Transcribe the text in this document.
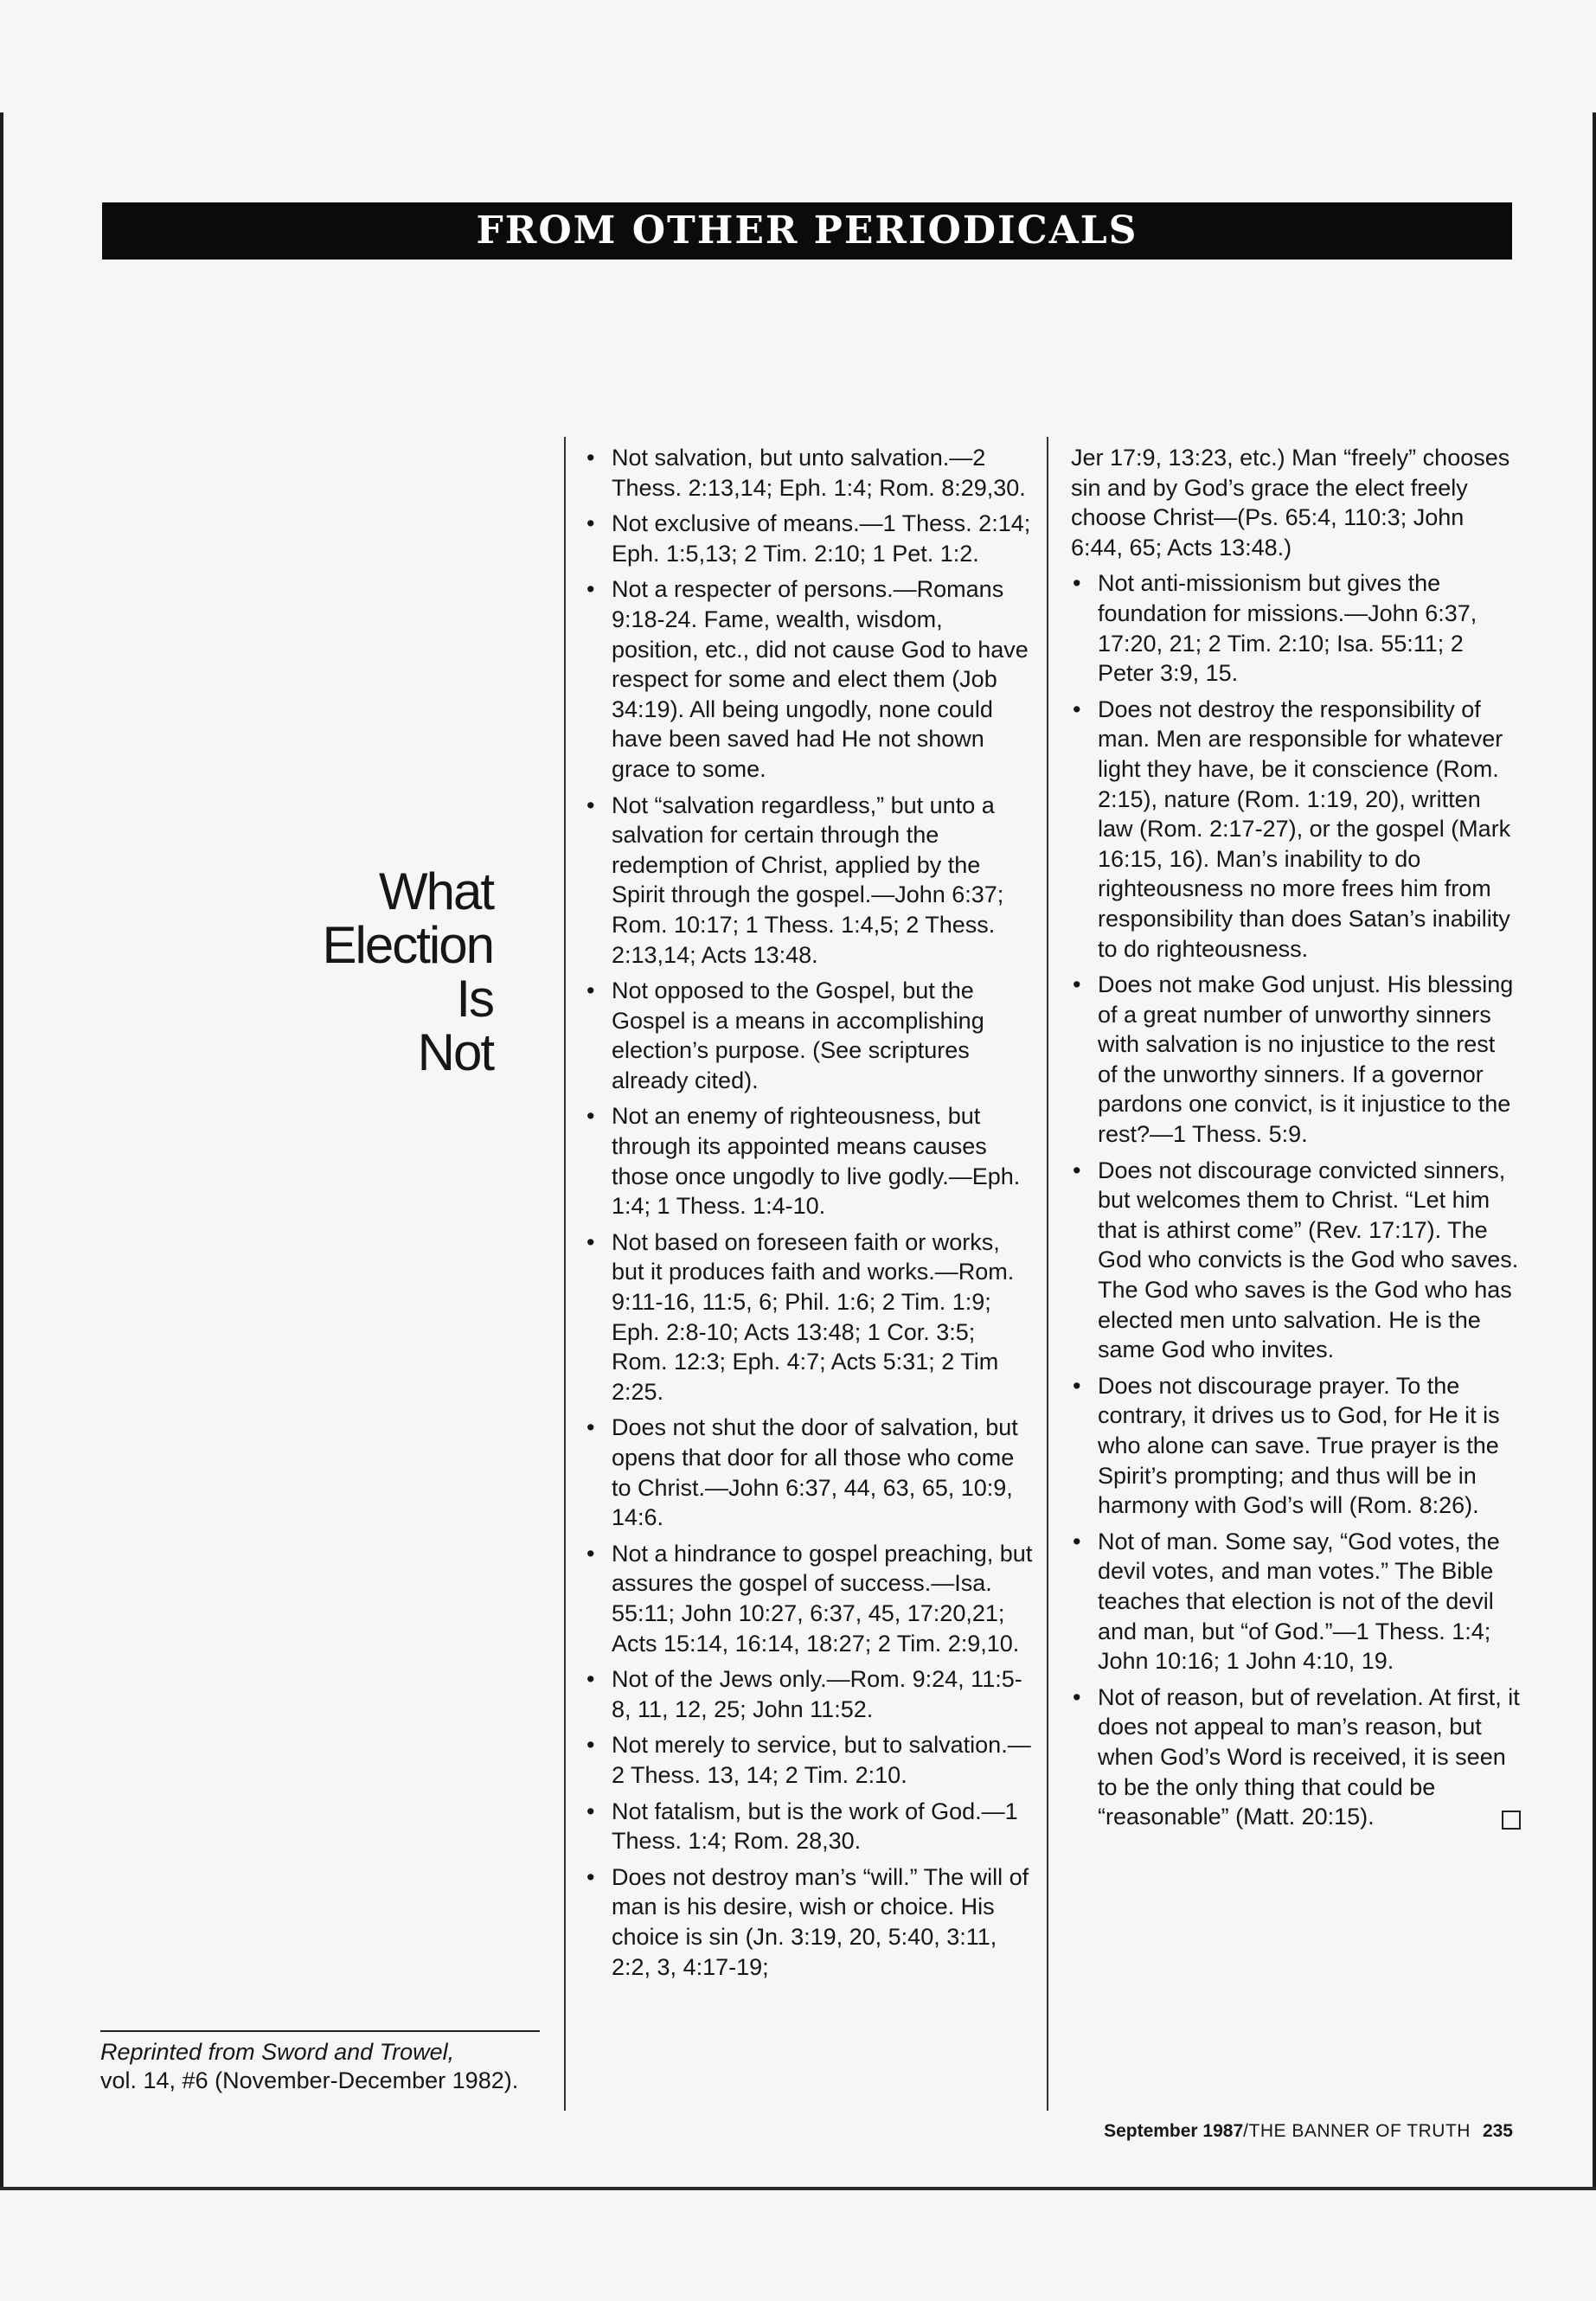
FROM OTHER PERIODICALS
What
Election
Is
Not
Reprinted from Sword and Trowel,
vol. 14, #6 (November-December 1982).
• Not salvation, but unto salvation.—2 Thess. 2:13,14; Eph. 1:4; Rom. 8:29,30.
• Not exclusive of means.—1 Thess. 2:14; Eph. 1:5,13; 2 Tim. 2:10; 1 Pet. 1:2.
• Not a respecter of persons.—Romans 9:18-24. Fame, wealth, wisdom, position, etc., did not cause God to have respect for some and elect them (Job 34:19). All being ungodly, none could have been saved had He not shown grace to some.
• Not “salvation regardless,” but unto a salvation for certain through the redemption of Christ, applied by the Spirit through the gospel.—John 6:37; Rom. 10:17; 1 Thess. 1:4,5; 2 Thess. 2:13,14; Acts 13:48.
• Not opposed to the Gospel, but the Gospel is a means in accomplishing election’s purpose. (See scriptures already cited).
• Not an enemy of righteousness, but through its appointed means causes those once ungodly to live godly.—Eph. 1:4; 1 Thess. 1:4-10.
• Not based on foreseen faith or works, but it produces faith and works.—Rom. 9:11-16, 11:5, 6; Phil. 1:6; 2 Tim. 1:9; Eph. 2:8-10; Acts 13:48; 1 Cor. 3:5; Rom. 12:3; Eph. 4:7; Acts 5:31; 2 Tim 2:25.
• Does not shut the door of salvation, but opens that door for all those who come to Christ.—John 6:37, 44, 63, 65, 10:9, 14:6.
• Not a hindrance to gospel preaching, but assures the gospel of success.—Isa. 55:11; John 10:27, 6:37, 45, 17:20,21; Acts 15:14, 16:14, 18:27; 2 Tim. 2:9,10.
• Not of the Jews only.—Rom. 9:24, 11:5-8, 11, 12, 25; John 11:52.
• Not merely to service, but to salvation.—2 Thess. 13, 14; 2 Tim. 2:10.
• Not fatalism, but is the work of God.—1 Thess. 1:4; Rom. 28,30.
• Does not destroy man’s “will.” The will of man is his desire, wish or choice. His choice is sin (Jn. 3:19, 20, 5:40, 3:11, 2:2, 3, 4:17-19;
Jer 17:9, 13:23, etc.) Man “freely” chooses sin and by God’s grace the elect freely choose Christ—(Ps. 65:4, 110:3; John 6:44, 65; Acts 13:48.)
• Not anti-missionism but gives the foundation for missions.—John 6:37, 17:20, 21; 2 Tim. 2:10; Isa. 55:11; 2 Peter 3:9, 15.
• Does not destroy the responsibility of man. Men are responsible for whatever light they have, be it conscience (Rom. 2:15), nature (Rom. 1:19, 20), written law (Rom. 2:17-27), or the gospel (Mark 16:15, 16). Man’s inability to do righteousness no more frees him from responsibility than does Satan’s inability to do righteousness.
• Does not make God unjust. His blessing of a great number of unworthy sinners with salvation is no injustice to the rest of the unworthy sinners. If a governor pardons one convict, is it injustice to the rest?—1 Thess. 5:9.
• Does not discourage convicted sinners, but welcomes them to Christ. “Let him that is athirst come” (Rev. 17:17). The God who convicts is the God who saves. The God who saves is the God who has elected men unto salvation. He is the same God who invites.
• Does not discourage prayer. To the contrary, it drives us to God, for He it is who alone can save. True prayer is the Spirit’s prompting; and thus will be in harmony with God’s will (Rom. 8:26).
• Not of man. Some say, “God votes, the devil votes, and man votes.” The Bible teaches that election is not of the devil and man, but “of God.”—1 Thess. 1:4; John 10:16; 1 John 4:10, 19.
• Not of reason, but of revelation. At first, it does not appeal to man’s reason, but when God’s Word is received, it is seen to be the only thing that could be “reasonable” (Matt. 20:15).
September 1987/THE BANNER OF TRUTH 235
